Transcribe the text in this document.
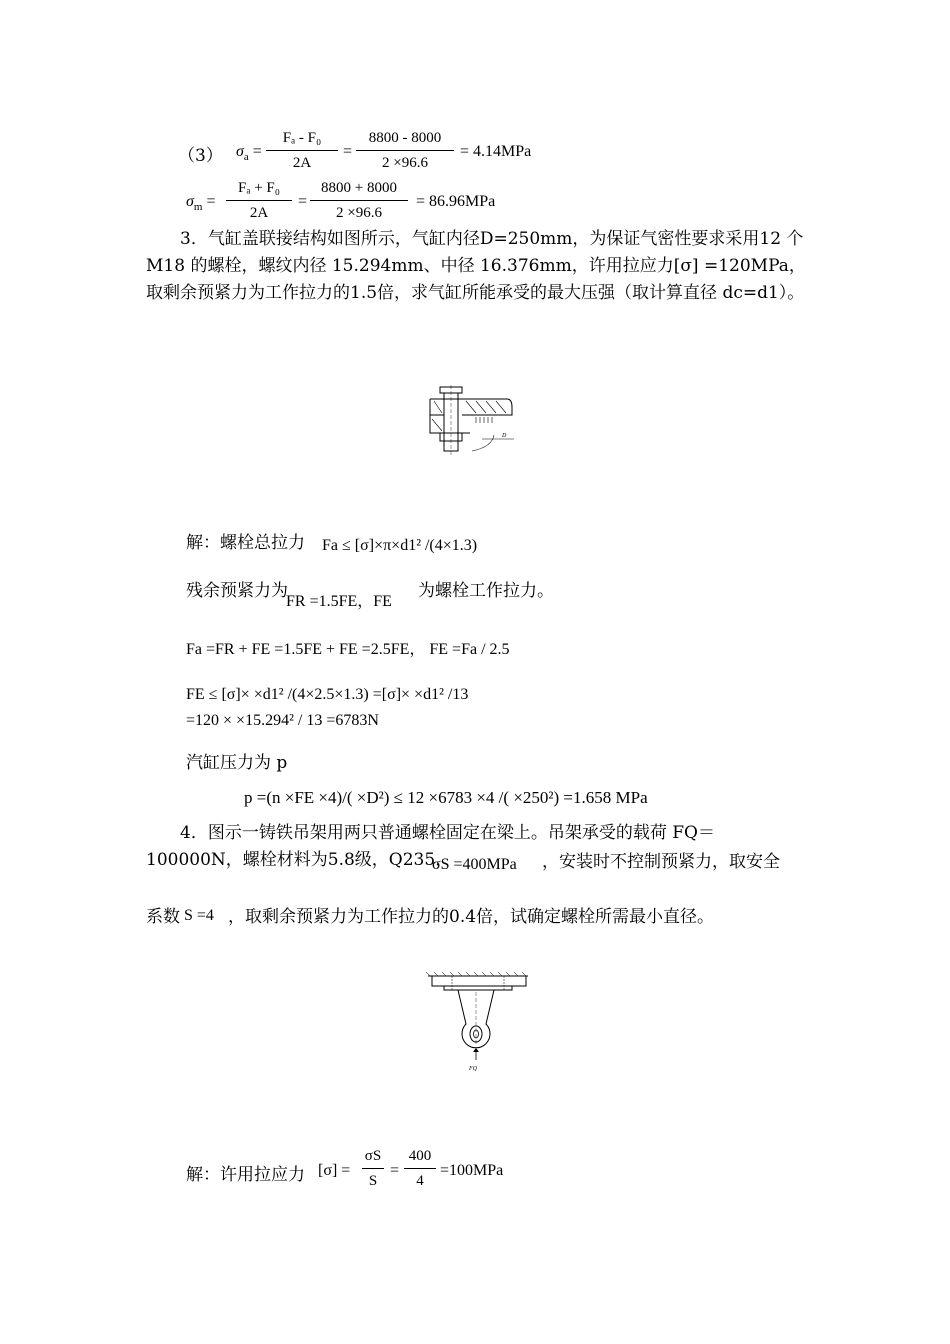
（3） $\sigma_a$ =
Fₐ - F₀
2A
=
8800 - 8000
2 ×96.6
= 4.14MPa
$\sigma_m$ =
Fₐ + F₀
2A
=
8800 + 8000
2 ×96.6
= 86.96MPa
3．气缸盖联接结构如图所示，气缸内径D=250mm，为保证气密性要求采用12 个 M18 的螺栓，螺纹内径 15.294mm、中径 16.376mm，许用拉应力[σ] =120MPa，取剩余预紧力为工作拉力的1.5倍，求气缸所能承受的最大压强（取计算直径 dc=d1）。
D
解：螺栓总拉力 Fa ≤ [σ]×π×d1² /(4×1.3)
残余预紧力为
FR =1.5FE，FE
为螺栓工作拉力。
Fa =FR + FE =1.5FE + FE =2.5FE， FE =Fa / 2.5
FE ≤ [σ]× ×d1² /(4×2.5×1.3) =[σ]× ×d1² /13
=120 × ×15.294² / 13 =6783N
汽缸压力为 p
p =(n ×FE ×4)/( ×D²) ≤ 12 ×6783 ×4 /( ×250²) =1.658 MPa
4．图示一铸铁吊架用两只普通螺栓固定在梁上。吊架承受的载荷 FQ＝100000N，螺栓材料为5.8级，Q235，
σS =400MPa ，安装时不控制预紧力，取安全
系数 S =4 ，取剩余预紧力为工作拉力的0.4倍，试确定螺栓所需最小直径。
FQ
解：许用拉应力 [σ] =
σS
S
=
400
4
=100MPa
